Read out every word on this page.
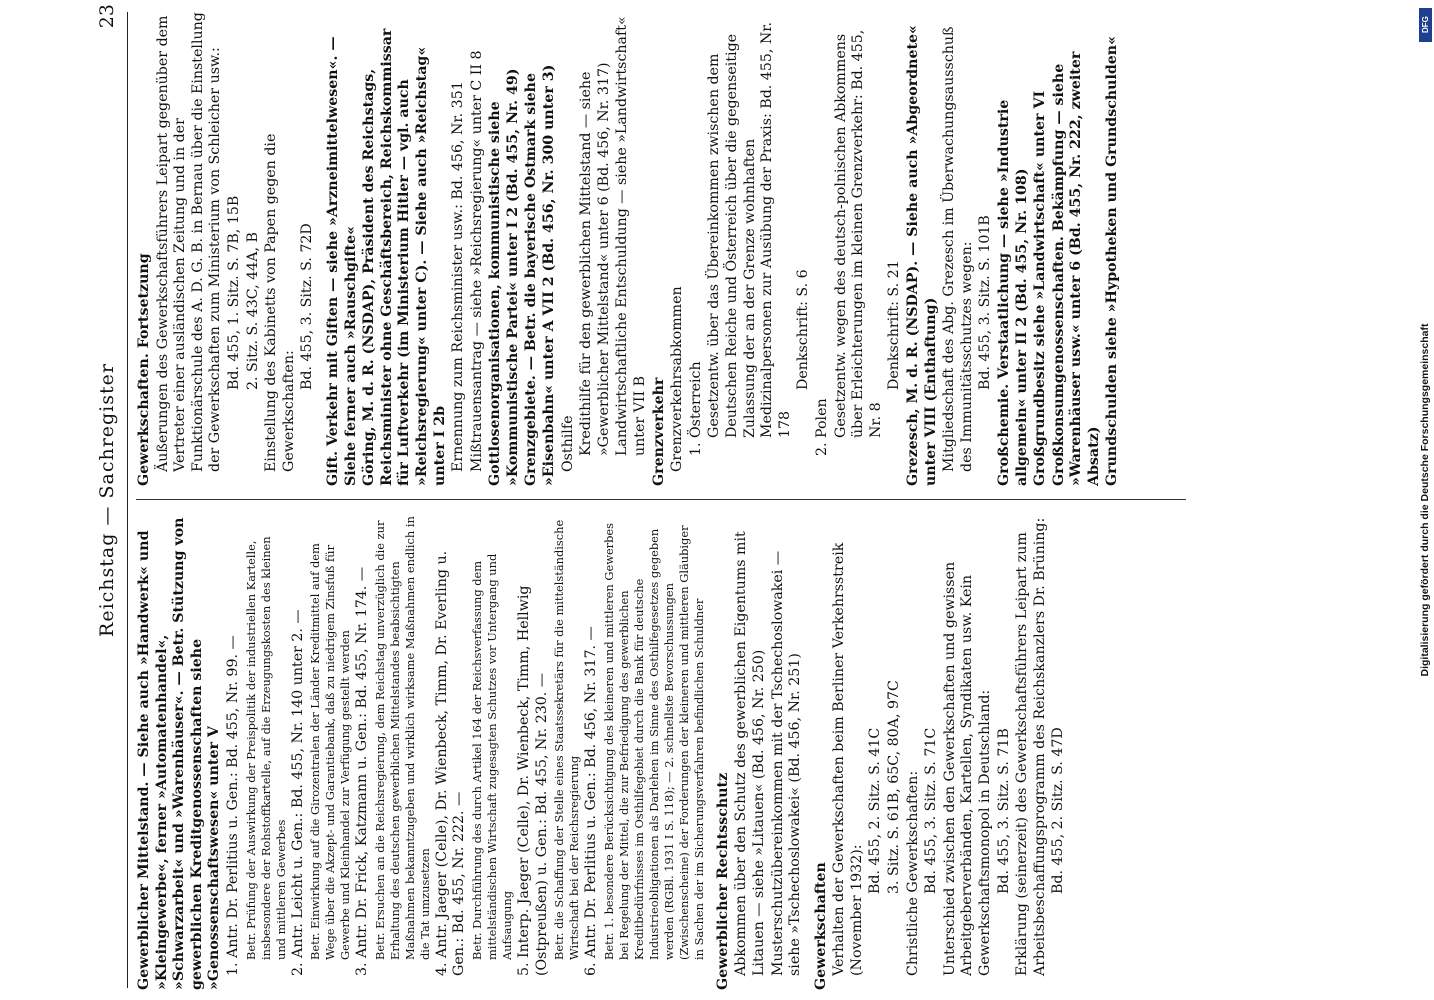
Reichstag — Sachregister
23
Gewerblicher Mittelstand. — Siehe auch »Handwerk« und »Kleingewerbe«, ferner »Automatenhandel«, »Schwarzarbeit« und »Warenhäuser«. — Betr. Stützung von gewerblichen Kreditgenossenschaften siehe »Genossenschaftswesen« unter V 1. Antr. Dr. Perlitius u. Gen.: Bd. 455, Nr. 99. — Betr. Prüfung der Auswirkung der Preispolitik der industriellen Kartelle, insbesondere der Rohstoffkartelle, auf die Erzeugungskosten des kleinen und mittleren Gewerbes 2. Antr. Leicht u. Gen.: Bd. 455, Nr. 140 unter 2. — Betr. Einwirkung auf die Girozentralen der Länder Kreditmittel auf dem Wege über die Akzept- und Garantiebank, daß zu niedrigem Zinsfuß für Gewerbe und Kleinhandel zur Verfügung gestellt werden 3. Antr. Dr. Frick, Katzmann u. Gen.: Bd. 455, Nr. 174. — Betr. Ersuchen an die Reichsregierung, dem Reichstag unverzüglich die zur Erhaltung des deutschen gewerblichen Mittelstandes beabsichtigten Maßnahmen bekanntzugeben und wirklich wirksame Maßnahmen endlich in die Tat umzusetzen 4. Antr. Jaeger (Celle), Dr. Wienbeck, Timm, Dr. Everling u. Gen.: Bd. 455, Nr. 222. — Betr. Durchführung des durch Artikel 164 der Reichsverfassung dem mittelständischen Wirtschaft zugesagten Schutzes vor Untergang und Aufsaugung 5. Interp. Jaeger (Celle), Dr. Wienbeck, Timm, Hellwig (Ostpreußen) u. Gen.: Bd. 455, Nr. 230. — Betr. die Schaffung der Stelle eines Staatssekretärs für die mittelständische Wirtschaft bei der Reichsregierung 6. Antr. Dr. Perlitius u. Gen.: Bd. 456, Nr. 317. — Betr. 1. besondere Berücksichtigung des kleineren und mittleren Gewerbes bei Regelung der Mittel, die zur Befriedigung des gewerblichen Kreditbedürfnisses im Osthilfegebiet durch die Bank für deutsche Industrieobligationen als Darlehen im Sinne des Osthilfegesetzes gegeben werden (RGBl. 1931 I S. 118); — 2. schnellste Bevorschussungen (Zwischenscheine) der Forderungen der kleineren und mittleren Gläubiger in Sachen der im Sicherungsverfahren befindlichen Schuldner Gewerblicher Rechtsschutz Abkommen über den Schutz des gewerblichen Eigentums mit Litauen — siehe »Litauen« (Bd. 456, Nr. 250) Musterschutzübereinkommen mit der Tschechoslowakei — siehe »Tschechoslowakei« (Bd. 456, Nr. 251) Gewerkschaften Verhalten der Gewerkschaften beim Berliner Verkehrsstreik (November 1932):
Bd. 455, 2. Sitz. S. 41C 3. Sitz. S. 61B, 65C, 80A, 97C Christliche Gewerkschaften: Bd. 455, 3. Sitz. S. 71C Unterschied zwischen den Gewerkschaften und gewissen Arbeitgeberverbänden, Kartellen, Syndikaten usw. Kein Gewerkschaftsmonopol in Deutschland: Bd. 455, 3. Sitz. S. 71B Erklärung (seinerzeit) des Gewerkschaftsführers Leipart zum Arbeitsbeschaffungsprogramm des Reichskanzlers Dr. Brüning: Bd. 455, 2. Sitz. S. 47D
Gewerkschaften. Fortsetzung Äußerungen des Gewerkschaftsführers Leipart gegenüber dem Vertreter einer ausländischen Zeitung und in der Funktionärschule des A. D. G. B. in Bernau über die Einstellung der Gewerkschaften zum Ministerium von Schleicher usw.: Bd. 455, 1. Sitz. S. 7B, 15B 2. Sitz. S. 43C, 44A, B Einstellung des Kabinetts von Papen gegen die Gewerkschaften:
Bd. 455, 3. Sitz. S. 72D Gift. Verkehr mit Giften — siehe »Arzneimittelwesen«. — Siehe ferner auch »Rauschgifte« Göring, M. d. R. (NSDAP), Präsident des Reichstags, Reichsminister ohne Geschäftsbereich, Reichskommissar für Luftverkehr (im Ministerium Hitler — vgl. auch »Reichsregierung« unter C). — Siehe auch »Reichstag« unter I 2b Ernennung zum Reichsminister usw.: Bd. 456, Nr. 351 Mißtrauensantrag — siehe »Reichsregierung« unter C II 8 Gottlosenorganisationen, kommunistische siehe »Kommunistische Partei« unter I 2 (Bd. 455, Nr. 49) Grenzgebiete. — Betr. die bayerische Ostmark siehe »Eisenbahn« unter A VII 2 (Bd. 456, Nr. 300 unter 3) Osthilfe Kredithilfe für den gewerblichen Mittelstand — siehe »Gewerblicher Mittelstand« unter 6 (Bd. 456, Nr. 317) Landwirtschaftliche Entschuldung — siehe »Landwirtschaft« unter VII B Grenzverkehr Grenzverkehrsabkommen 1. Österreich Gesetzentw. über das Übereinkommen zwischen dem Deutschen Reiche und Österreich über die gegenseitige Zulassung der an der Grenze wohnhaften Medizinalpersonen zur Ausübung der Praxis: Bd. 455, Nr. 178
Denkschrift: S. 6
2. Polen Gesetzentw. wegen des deutsch-polnischen Abkommens über Erleichterungen im kleinen Grenzverkehr: Bd. 455, Nr. 8
Denkschrift: S. 21 Grezesch, M. d. R. (NSDAP). — Siehe auch »Abgeordnete« unter VIII (Enthaftung) Mitgliedschaft des Abg. Grezesch im Überwachungsausschuß des Immunitätsschutzes wegen: Bd. 455, 3. Sitz. S. 101B Großchemie. Verstaatlichung — siehe »Industrie allgemein« unter II 2 (Bd. 455, Nr. 108) Großgrundbesitz siehe »Landwirtschaft« unter VI Großkonsumgenossenschaften. Bekämpfung — siehe »Warenhäuser usw.« unter 6 (Bd. 455, Nr. 222, zweiter Absatz) Grundschulden siehe »Hypotheken und Grundschulden«
Digitalisierung gefördert durch die Deutsche Forschungsgemeinschaft
DFG
